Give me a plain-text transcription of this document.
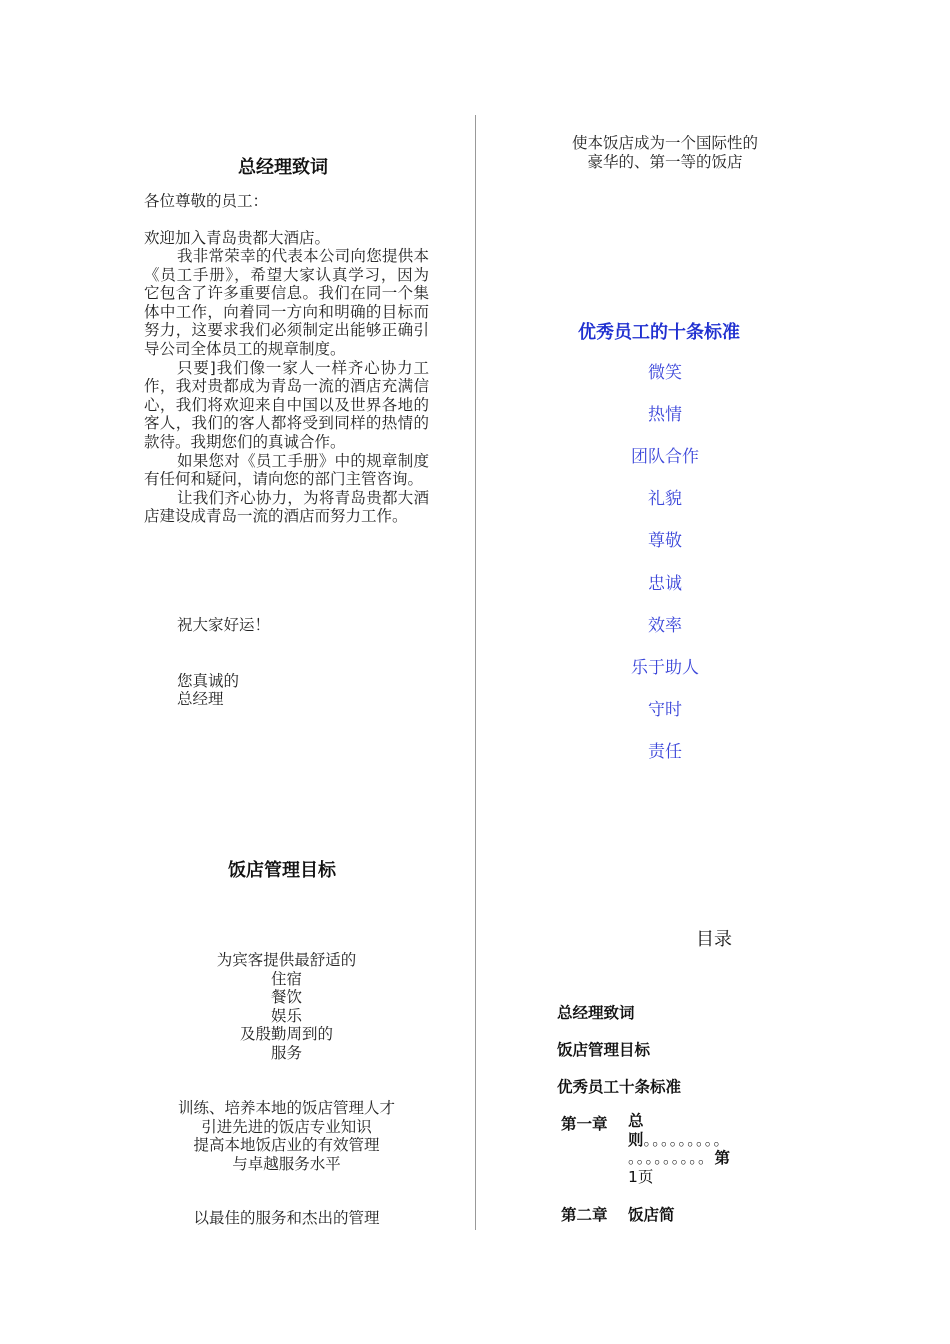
总经理致词
各位尊敬的员工：
欢迎加入青岛贵都大酒店。
我非常荣幸的代表本公司向您提供本《员工手册》，希望大家认真学习，因为它包含了许多重要信息。我们在同一个集体中工作，向着同一方向和明确的目标而努力，这要求我们必须制定出能够正确引导公司全体员工的规章制度。
只要]我们像一家人一样齐心协力工作，我对贵都成为青岛一流的酒店充满信心，我们将欢迎来自中国以及世界各地的客人，我们的客人都将受到同样的热情的款待。我期您们的真诚合作。
如果您对《员工手册》中的规章制度有任何和疑问，请向您的部门主管咨询。
让我们齐心协力，为将青岛贵都大酒店建设成青岛一流的酒店而努力工作。
祝大家好运！
您真诚的
总经理
饭店管理目标
为宾客提供最舒适的
住宿
餐饮
娱乐
及殷勤周到的
服务
训练、培养本地的饭店管理人才
引进先进的饭店专业知识
提高本地饭店业的有效管理
与卓越服务水平
以最佳的服务和杰出的管理
使本饭店成为一个国际性的
豪华的、第一等的饭店
优秀员工的十条标准
微笑
热情
团队合作
礼貌
尊敬
忠诚
效率
乐于助人
守时
责任
目录
总经理致词
饭店管理目标
优秀员工十条标准
第一章 总
则。。。。。。。。。
。。。。。。。。。第
1页
第二章 饭店简
